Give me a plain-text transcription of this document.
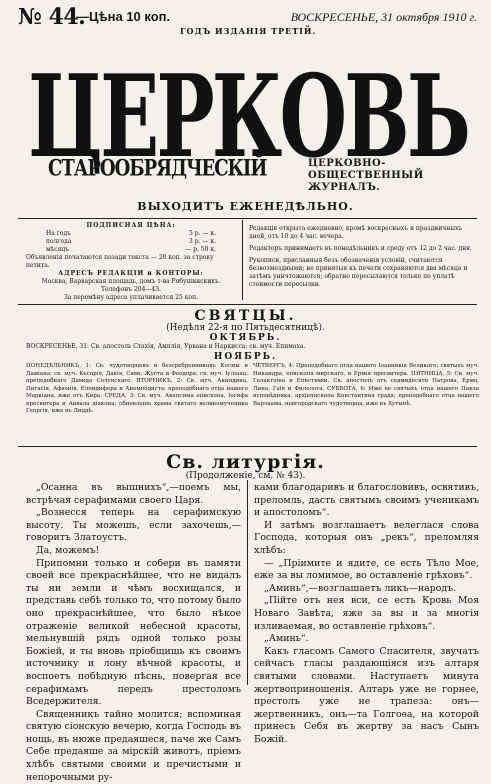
№ 44.
—Цѣна 10 коп.	ВОСКРЕСЕНЬЕ, 31 октября 1910 г.
ГОДЪ ИЗДАНІЯ ТРЕТІЙ.
ЦЕРКОВЬ
СТАРООБРЯДЧЕСКІЙ	ЦЕРКОВНО-ОБЩЕСТВЕННЫЙ ЖУРНАЛЪ.
ВЫХОДИТЪ ЕЖЕНЕДѢЛЬНО.
ПОДПИСНАЯ ЦѢНА:
На годъ	5 р. — к.
полгода	3 р. — к.
мѣсяцъ	— р. 50 к.
Объявленія печатаются позади текста — 20 коп. за строку петита.
АДРЕСЪ РЕДАКЦІИ и КОНТОРЫ:
Москва, Варварская площадь, домъ т-ва Рябушинскихъ.
Телефонъ 204—43.
За перемѣну адреса уплачивается 25 коп.
Редакція открыта ежедневно, кромѣ воскресныхъ и праздничныхъ дней, отъ 10 до 4 час. вечера.
Редакторъ принимаетъ въ понедѣльникъ и среду отъ 12 до 2 час. дня.
Рукописи, присланныя безъ обозначенія условій, считаются безвозмездными; не принятыя къ печати сохраняются два мѣсяца и затѣмъ уничтожаются; обратно пересылаются только по уплатѣ стоимости пересылки.
СВЯТЦЫ.
(Недѣля 22-я по Пятьдесятницѣ).
ОКТЯБРЬ.
ВОСКРЕСЕНЬЕ, 31: Св. апостоль Стахія, Амплія, Урвана и Наркисса; св. муч. Епимаха.
НОЯБРЬ.
ПОНЕДѢЛЬНИКЪ, 1: Св. чудотворцевъ и безсребренниковъ Космы и Даміана; св. муч. Кесарія, Дакія, Сави, Жуста и Феодора; св. муч. Іуліана; преподобнаго Давида Солунскаго. ВТОРНИКЪ, 2: Св. муч. Акиндина, Пигасія, Афѳонія, Елпидифора и Анемподиста; преподобнаго отца нашего Маркіана, иже отъ Кира. СРЕДА, 3: Св. муч. Акепсима епископа, Іосифа пресвитера и Аиѳала діакона; обновленіе храма святаго великомученика Георгія, иже въ Лиддѣ.
ЧЕТВЕРГЪ, 4: Преподобнаго отца нашего Іоанникія Великаго; святыхъ муч. Никандра, епископа мирскаго, и Ермія пресвитера. ПЯТНИЦА, 5: Св. муч. Галактіона и Епистиміи. Св. апостолъ отъ седмидесяти Патрова, Ерма, Лина, Гаія и Филолога. СУББОТА, 6: Иже во святыхъ отца нашего Павла исповѣдника, архіепископа Константина града; преподобнаго отца нашего Варлаама, новгородскаго чудотворца, иже въ Хутынѣ.
Св. литургія.
(Продолженіе, см. № 43).

„Осанна въ вышнихъ“,—поемъ мы, встрѣчая серафимами своего Царя.

„Вознесся теперь на серафимскую высоту. Ты можешь, если захочешь,—говоритъ Златоустъ.

Да, можемъ!

Припомни только и собери въ памяти своей все прекраснѣйшее, что не видалъ ты ни земли и чѣмъ восхищался, и представь себѣ только то, что потому было оно прекраснѣйшее, что было нѣкое отраженіе великой небесной красоты, мельнувшій рядъ одной только розы Божіей, и ты вновь пріобщишь къ своимъ источнику и лону вѣчной красоты, и воспоетъ побѣдную пѣснь, повергая все серафимамъ передъ престоломъ Вседержителя.

Священникъ тайно молится; вспоминая святую сіонскую вечерю, когда Господь въ нощь, въ нюже предаяшеся, паче же Самъ Себе предаяше за мірскій животъ, пріемъ хлѣбъ святыми своими и пречистыми и непорочными ру-

ками благодаривъ и благословивъ, освятивъ, преломль, дасть святымъ своимъ ученикамъ и апостоломъ“.

И затѣмъ возглашаетъ велеглася слова Господа, которыя онъ „рекъ“, преломляя хлѣбъ:

— „Пріимите и ядите, се есть Тѣло Мое, еже за вы ломимое, во оставленіе грѣховъ“.

„Аминь“,—возглашаетъ ликъ—народъ.

„Пійте отъ нея вси, се есть Кровь Моя Новаго Завѣта, яже за вы и за многія изливаемая, во оставленіе грѣховъ“.

„Аминь“.

Какъ гласомъ Самого Спасителя, звучатъ сейчасъ гласы раздающіяся изъ алтаря святыми словами. Наступаетъ минута жертвоприношенія. Алтарь уже не горнее, престолъ уже не трапеза: онъ—жертвенникъ, онъ—та Голгоѳа, на которой принесъ Себя въ жертву за насъ Сынъ Божій.
